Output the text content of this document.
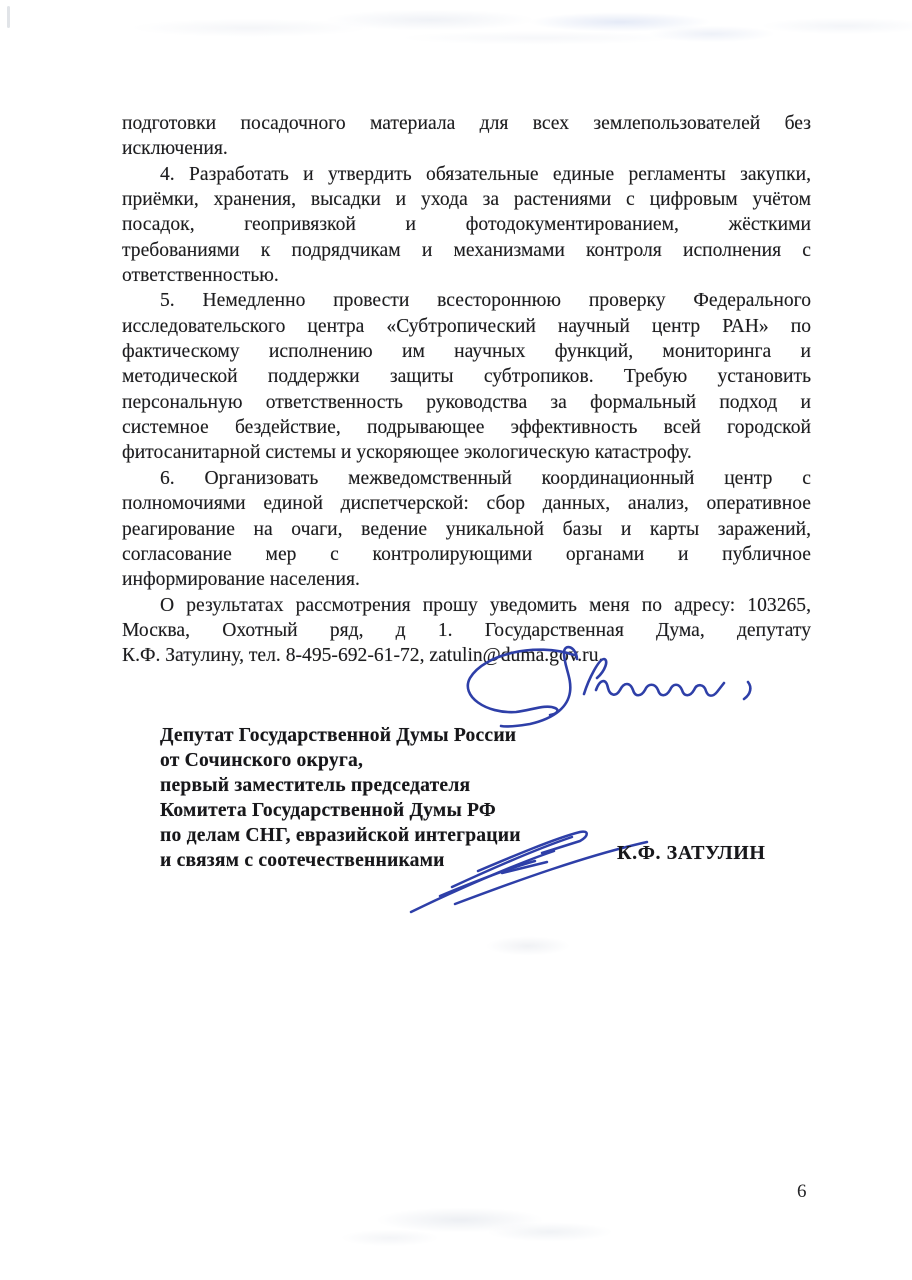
подготовки посадочного материала для всех землепользователей без
исключения.
4. Разработать и утвердить обязательные единые регламенты закупки,
приёмки, хранения, высадки и ухода за растениями с цифровым учётом
посадок, геопривязкой и фотодокументированием, жёсткими
требованиями к подрядчикам и механизмами контроля исполнения с
ответственностью.
5. Немедленно провести всестороннюю проверку Федерального
исследовательского центра «Субтропический научный центр РАН» по
фактическому исполнению им научных функций, мониторинга и
методической поддержки защиты субтропиков. Требую установить
персональную ответственность руководства за формальный подход и
системное бездействие, подрывающее эффективность всей городской
фитосанитарной системы и ускоряющее экологическую катастрофу.
6. Организовать межведомственный координационный центр с
полномочиями единой диспетчерской: сбор данных, анализ, оперативное
реагирование на очаги, ведение уникальной базы и карты заражений,
согласование мер с контролирующими органами и публичное
информирование населения.
О результатах рассмотрения прошу уведомить меня по адресу: 103265,
Москва, Охотный ряд, д 1. Государственная Дума, депутату
К.Ф. Затулину, тел. 8-495-692-61-72, zatulin@duma.gov.ru.
Депутат Государственной Думы России
от Сочинского округа,
первый заместитель председателя
Комитета Государственной Думы РФ
по делам СНГ, евразийской интеграции
и связям с соотечественниками	К.Ф. ЗАТУЛИН
6
